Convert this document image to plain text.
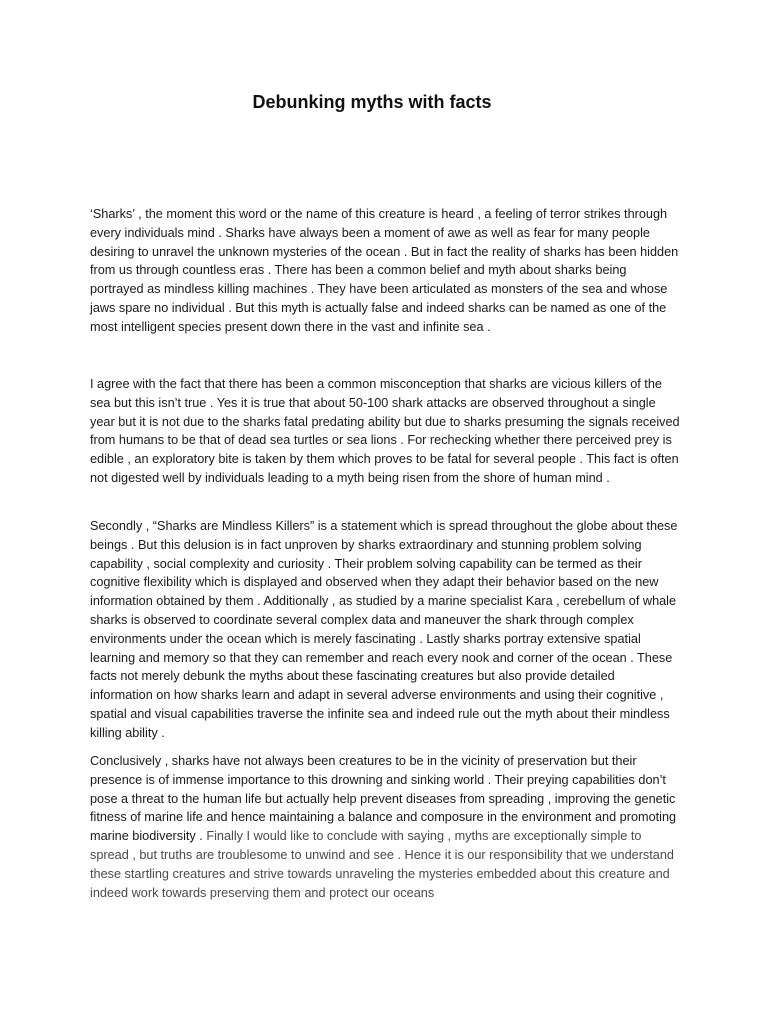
Debunking myths with facts

‘Sharks’ , the moment this word or the name of this creature is heard , a feeling of terror strikes through every individuals mind . Sharks have always been a moment of awe as well as fear for many people desiring to unravel the unknown mysteries of the ocean . But in fact the reality of sharks has been hidden from us through countless eras . There has been a common belief and myth about sharks being portrayed as mindless killing machines . They have been articulated as monsters of the sea and whose jaws spare no individual . But this myth is actually false and indeed sharks can be named as one of the most intelligent species present down there in the vast and infinite sea .

I agree with the fact that there has been a common misconception that sharks are vicious killers of the sea but this isn’t true . Yes it is true that about 50-100 shark attacks are observed throughout a single year but it is not due to the sharks fatal predating ability but due to sharks presuming the signals received from humans to be that of dead sea turtles or sea lions . For rechecking whether there perceived prey is edible , an exploratory bite is taken by them which proves to be fatal for several people . This fact is often not digested well by individuals leading to a myth being risen from the shore of human mind .

Secondly , “Sharks are Mindless Killers” is a statement which is spread throughout the globe about these beings . But this delusion is in fact unproven by sharks extraordinary and stunning problem solving capability , social complexity and curiosity . Their problem solving capability can be termed as their cognitive flexibility which is displayed and observed when they adapt their behavior based on the new information obtained by them . Additionally , as studied by a marine specialist Kara , cerebellum of whale sharks is observed to coordinate several complex data and maneuver the shark through complex environments under the ocean which is merely fascinating . Lastly sharks portray extensive spatial learning and memory so that they can remember and reach every nook and corner of the ocean . These facts not merely debunk the myths about these fascinating creatures but also provide detailed information on how sharks learn and adapt in several adverse environments and using their cognitive , spatial and visual capabilities traverse the infinite sea and indeed rule out the myth about their mindless killing ability .

Conclusively , sharks have not always been creatures to be in the vicinity of preservation but their presence is of immense importance to this drowning and sinking world . Their preying capabilities don’t pose a threat to the human life but actually help prevent diseases from spreading , improving the genetic fitness of marine life and hence maintaining a balance and composure in the environment and promoting marine biodiversity . Finally I would like to conclude with saying , myths are exceptionally simple to spread , but truths are troublesome to unwind and see . Hence it is our responsibility that we understand these startling creatures and strive towards unraveling the mysteries embedded about this creature and indeed work towards preserving them and protect our oceans
